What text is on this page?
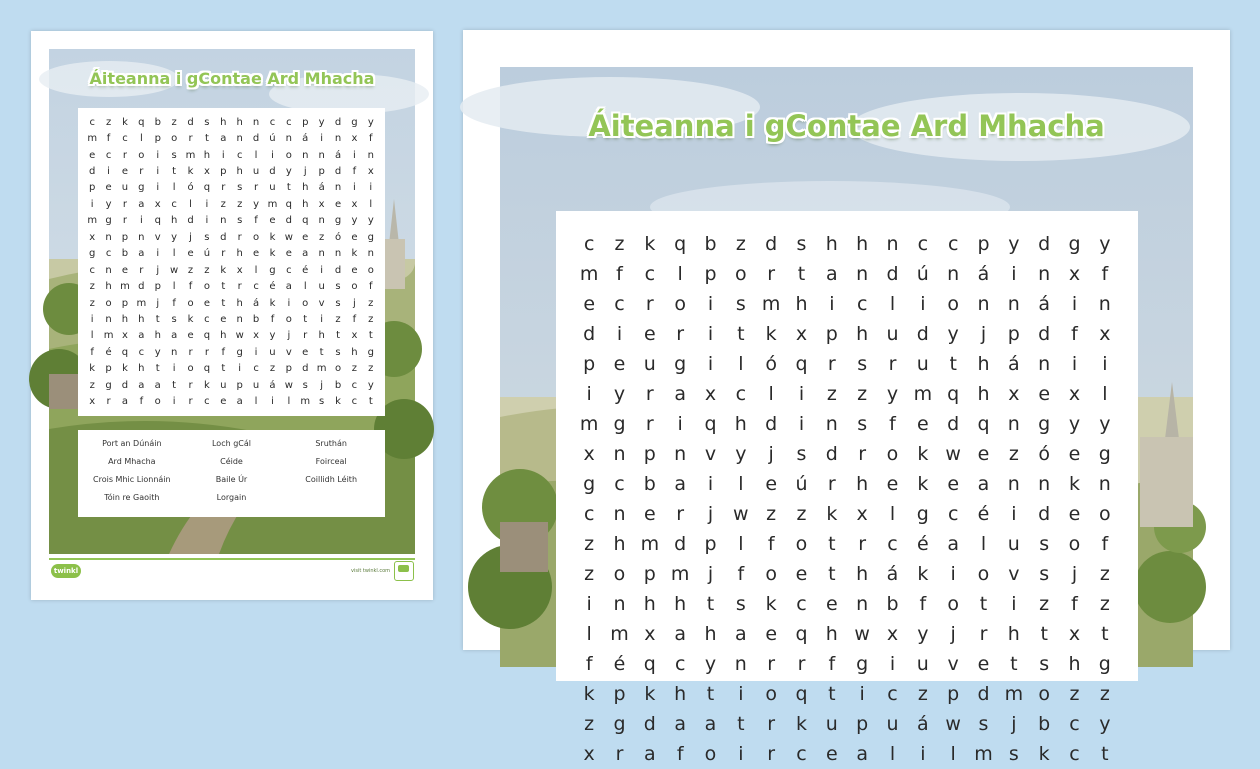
Áiteanna i gContae Ard Mhacha
c	z	k	q	b	z	d	s	h	h	n	c	c	p	y	d	g	y
m f	c	l	p	o	r	t	a	n	d	ú	n	á	i	n	x	f
e	c	r	o	i	s m h	i	c	l	i	o	n	n	á	i	n
d	i	e	r	i	t	k	x	p	h	u	d	y	j	p	d	f	x
p	e	u	g	i	l	ó	q	r	s	r	u	t	h	á	n	i	i
i	y	r	a	x	c	l	i	z	z	y m q	h	x	e	x	l
m g	r	i	q	h	d	i	n	s	f	e	d	q	n	g	y	y
x	n	p	n	v	y	j	s	d	r	o	k w e	z	ó	e	g
g	c	b	a	i	l	e	ú	r	h	e	k	e	a	n	n	k	n
c	n	e	r	j	w z	z	k	x	l	g	c	é	i	d	e	o
z	h m d	p	l	f	o	t	r	c	é	a	l	u	s	o	f
z	o	p m	j	f	o	e	t	h	á	k	i	o	v	s	j	z
i	n	h	h	t	s	k	c	e	n	b	f	o	t	i	z	f	z
l	m x	a	h	a	e	q	h w x	y	j	r	h	t	x	t
f	é	q	c	y	n	r	r	f	g	i	u	v	e	t	s	h	g
k	p	k	h	t	i	o	q	t	i	c	z	p	d m o	z	z
z	g	d	a	a	t	r	k	u	p	u	á w s	j	b	c	y
x	r	a	f	o	i	r	c	e	a	l	i	l	m s	k	c	t
Port an Dúnáin	Loch gCál	Sruthán
Ard Mhacha	Céide	Foirceal
Crois Mhic Lionnáin	Baile Úr	Coillidh Léith
Tóin re Gaoith	Lorgain
twinkl	visit twinkl.com
Áiteanna i gContae Ard Mhacha
c	z	k q b	z	d	s	h h n	c	c	p y d g y
m f	c	l	p o	r	t	a n d ú n á	i	n x	f
e	c	r	o	i	s m h	i	c	l	i	o n n á	i	n
d	i	e	r	i	t	k	x p h u d y	j	p d	f	x
p e u g	i	l	ó q	r	s	r	u	t	h á n	i	i
i	y	r	a x	c	l	i	z	z	y m q h x e x	l
m g	r	i	q h d	i	n	s	f	e d q n g y	y
x n p n v	y	j	s	d	r	o	k w e	z	ó e g
g	c	b a	i	l	e ú	r	h e k e a n n k n
c	n e	r	j	w z	z	k	x	l	g	c	é	i	d e o
z	h m d p	l	f	o	t	r	c	é a	l	u	s	o	f
z	o p m j	f	o e	t	h á	k	i	o v	s	j	z
i	n h h	t	s	k	c	e n b	f	o	t	i	z	f	z
l m x a h a e q h w x	y	j	r	h	t	x	t
f	é q	c	y n	r	r	f	g	i	u v e	t	s	h g
k p k h	t	i	o q	t	i	c	z	p d m o	z	z
z	g d a a	t	r	k u p u á w s	j	b	c	y
x	r	a	f	o	i	r	c	e a	l	i	l m s	k	c	t
